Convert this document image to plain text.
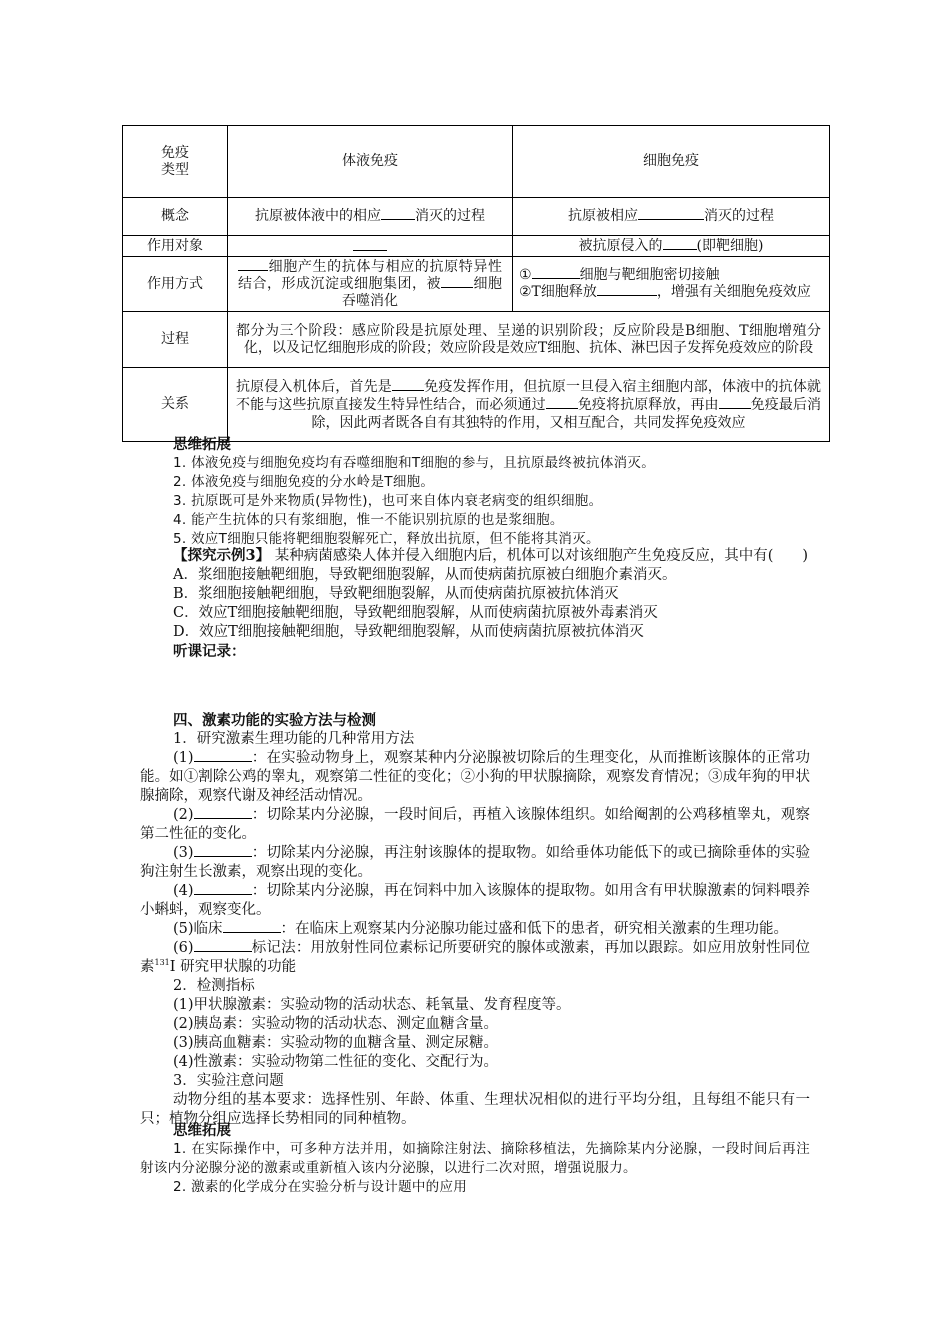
免疫类型	体液免疫	细胞免疫
概念	抗原被体液中的相应 消灭的过程	抗原被相应 消灭的过程
作用对象		被抗原侵入的 (即靶细胞)
作用方式	细胞产生的抗体与相应的抗原特异性结合，形成沉淀或细胞集团，被 细胞吞噬消化	① 细胞与靶细胞密切接触
②T细胞释放 ，增强有关细胞免疫效应

过程	都分为三个阶段：感应阶段是抗原处理、呈递的识别阶段；反应阶段是B细胞、T细胞增殖分化，以及记忆细胞形成的阶段；效应阶段是效应T细胞、抗体、淋巴因子发挥免疫效应的阶段	
关系	抗原侵入机体后，首先是 免疫发挥作用，但抗原一旦侵入宿主细胞内部，体液中的抗体就不能与这些抗原直接发生特异性结合，而必须通过 免疫将抗原释放，再由 免疫最后消除，因此两者既各自有其独特的作用，又相互配合，共同发挥免疫效应	
思维拓展
1. 体液免疫与细胞免疫均有吞噬细胞和T细胞的参与，且抗原最终被抗体消灭。
2. 体液免疫与细胞免疫的分水岭是T细胞。
3. 抗原既可是外来物质(异物性)，也可来自体内衰老病变的组织细胞。
4. 能产生抗体的只有浆细胞，惟一不能识别抗原的也是浆细胞。
5. 效应T细胞只能将靶细胞裂解死亡，释放出抗原，但不能将其消灭。
【探究示例3】 某种病菌感染人体并侵入细胞内后，机体可以对该细胞产生免疫反应，其中有(　　)
A．浆细胞接触靶细胞，导致靶细胞裂解，从而使病菌抗原被白细胞介素消灭。
B．浆细胞接触靶细胞，导致靶细胞裂解，从而使病菌抗原被抗体消灭
C．效应T细胞接触靶细胞，导致靶细胞裂解，从而使病菌抗原被外毒素消灭
D．效应T细胞接触靶细胞，导致靶细胞裂解，从而使病菌抗原被抗体消灭
听课记录：
四、激素功能的实验方法与检测
1．研究激素生理功能的几种常用方法
(1)	：在实验动物身上，观察某种内分泌腺被切除后的生理变化，从而推断该腺体的正常功能。如①割除公鸡的睾丸，观察第二性征的变化；②小狗的甲状腺摘除，观察发育情况；③成年狗的甲状腺摘除，观察代谢及神经活动情况。
(2)	：切除某内分泌腺，一段时间后，再植入该腺体组织。如给阉割的公鸡移植睾丸，观察第二性征的变化。
(3)	：切除某内分泌腺，再注射该腺体的提取物。如给垂体功能低下的或已摘除垂体的实验狗注射生长激素，观察出现的变化。
(4)	：切除某内分泌腺，再在饲料中加入该腺体的提取物。如用含有甲状腺激素的饲料喂养小蝌蚪，观察变化。
(5)临床	：在临床上观察某内分泌腺功能过盛和低下的患者，研究相关激素的生理功能。
(6)	标记法：用放射性同位素标记所要研究的腺体或激素，再加以跟踪。如应用放射性同位素$^{131}$Ⅰ 研究甲状腺的功能
2．检测指标
(1)甲状腺激素：实验动物的活动状态、耗氧量、发育程度等。
(2)胰岛素：实验动物的活动状态、测定血糖含量。
(3)胰高血糖素：实验动物的血糖含量、测定尿糖。
(4)性激素：实验动物第二性征的变化、交配行为。
3．实验注意问题
动物分组的基本要求：选择性别、年龄、体重、生理状况相似的进行平均分组，且每组不能只有一只；植物分组应选择长势相同的同种植物。
思维拓展
1. 在实际操作中，可多种方法并用，如摘除注射法、摘除移植法，先摘除某内分泌腺，一段时间后再注射该内分泌腺分泌的激素或重新植入该内分泌腺，以进行二次对照，增强说服力。
2. 激素的化学成分在实验分析与设计题中的应用
